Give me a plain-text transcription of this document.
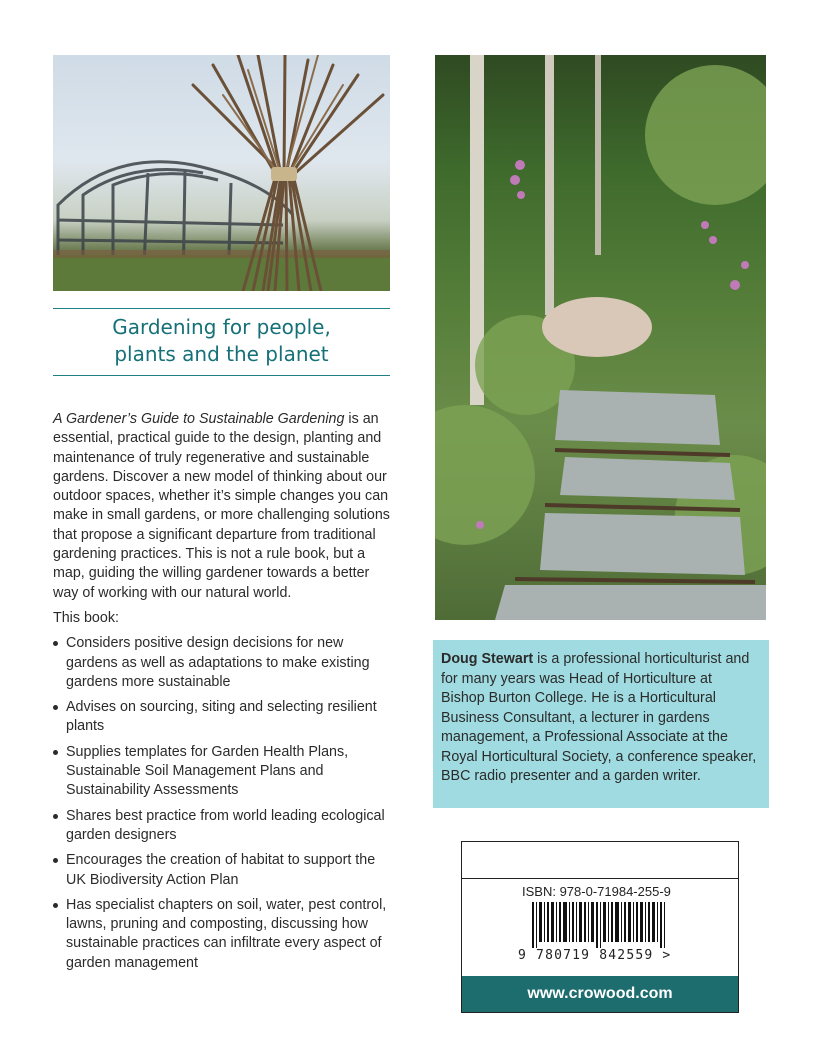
Gardening for people,
plants and the planet

A Gardener’s Guide to Sustainable Gardening is an essential, practical guide to the design, planting and maintenance of truly regenerative and sustainable gardens. Discover a new model of thinking about our outdoor spaces, whether it’s simple changes you can make in small gardens, or more challenging solutions that propose a significant departure from traditional gardening practices. This is not a rule book, but a map, guiding the willing gardener towards a better way of working with our natural world.

This book:

Considers positive design decisions for new gardens as well as adaptations to make existing gardens more sustainable
Advises on sourcing, siting and selecting resilient plants
Supplies templates for Garden Health Plans, Sustainable Soil Management Plans and Sustainability Assessments
Shares best practice from world leading ecological garden designers
Encourages the creation of habitat to support the UK Biodiversity Action Plan
Has specialist chapters on soil, water, pest control, lawns, pruning and composting, discussing how sustainable practices can infiltrate every aspect of garden management
Doug Stewart is a professional horticulturist and for many years was Head of Horticulture at Bishop Burton College. He is a Horticultural Business Consultant, a lecturer in gardens management, a Professional Associate at the Royal Horticultural Society, a conference speaker, BBC radio presenter and a garden writer.
ISBN: 978-0-71984-255-9
9 780719 842559 >
www.crowood.com
